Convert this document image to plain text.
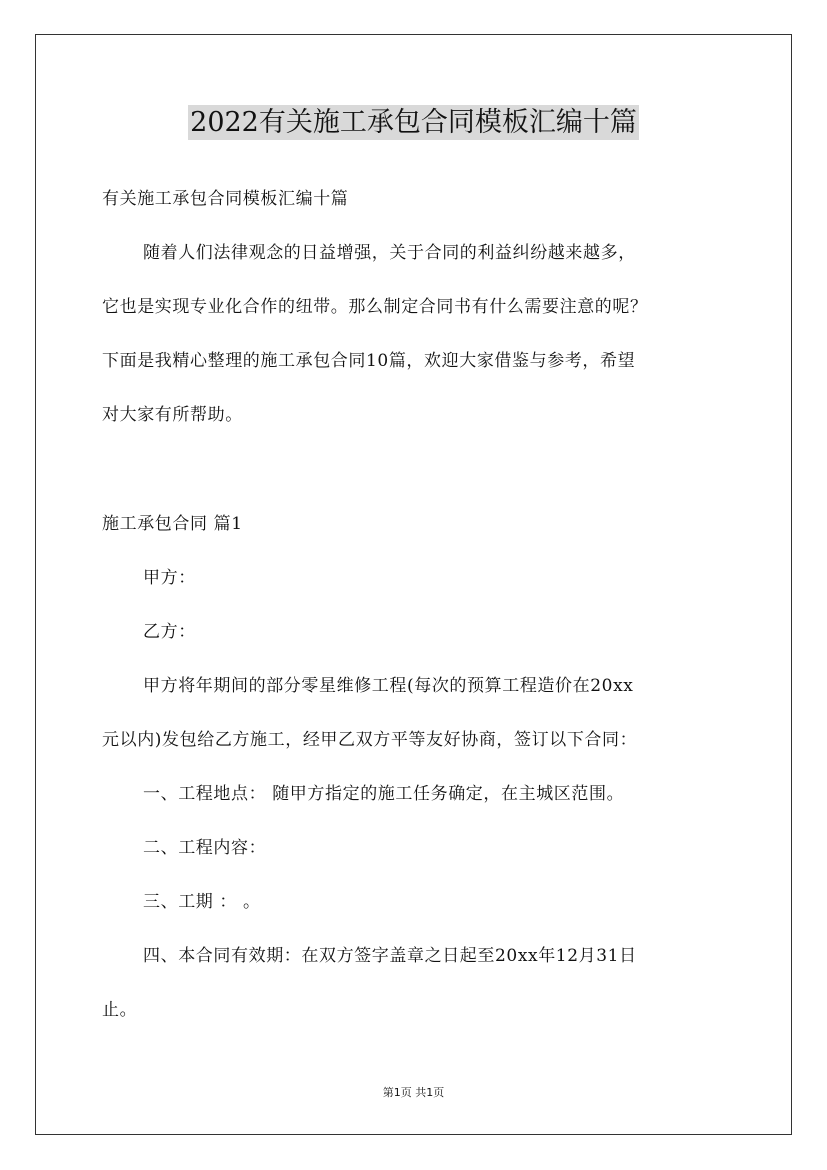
2022有关施工承包合同模板汇编十篇
有关施工承包合同模板汇编十篇
随着人们法律观念的日益增强，关于合同的利益纠纷越来越多，
它也是实现专业化合作的纽带。那么制定合同书有什么需要注意的呢？
下面是我精心整理的施工承包合同10篇，欢迎大家借鉴与参考，希望
对大家有所帮助。
施工承包合同 篇1
甲方：
乙方：
甲方将年期间的部分零星维修工程(每次的预算工程造价在20xx
元以内)发包给乙方施工，经甲乙双方平等友好协商，签订以下合同：
一、工程地点： 随甲方指定的施工任务确定，在主城区范围。
二、工程内容：
三、工期 ： 。
四、本合同有效期：在双方签字盖章之日起至20xx年12月31日
止。
第1页 共1页
